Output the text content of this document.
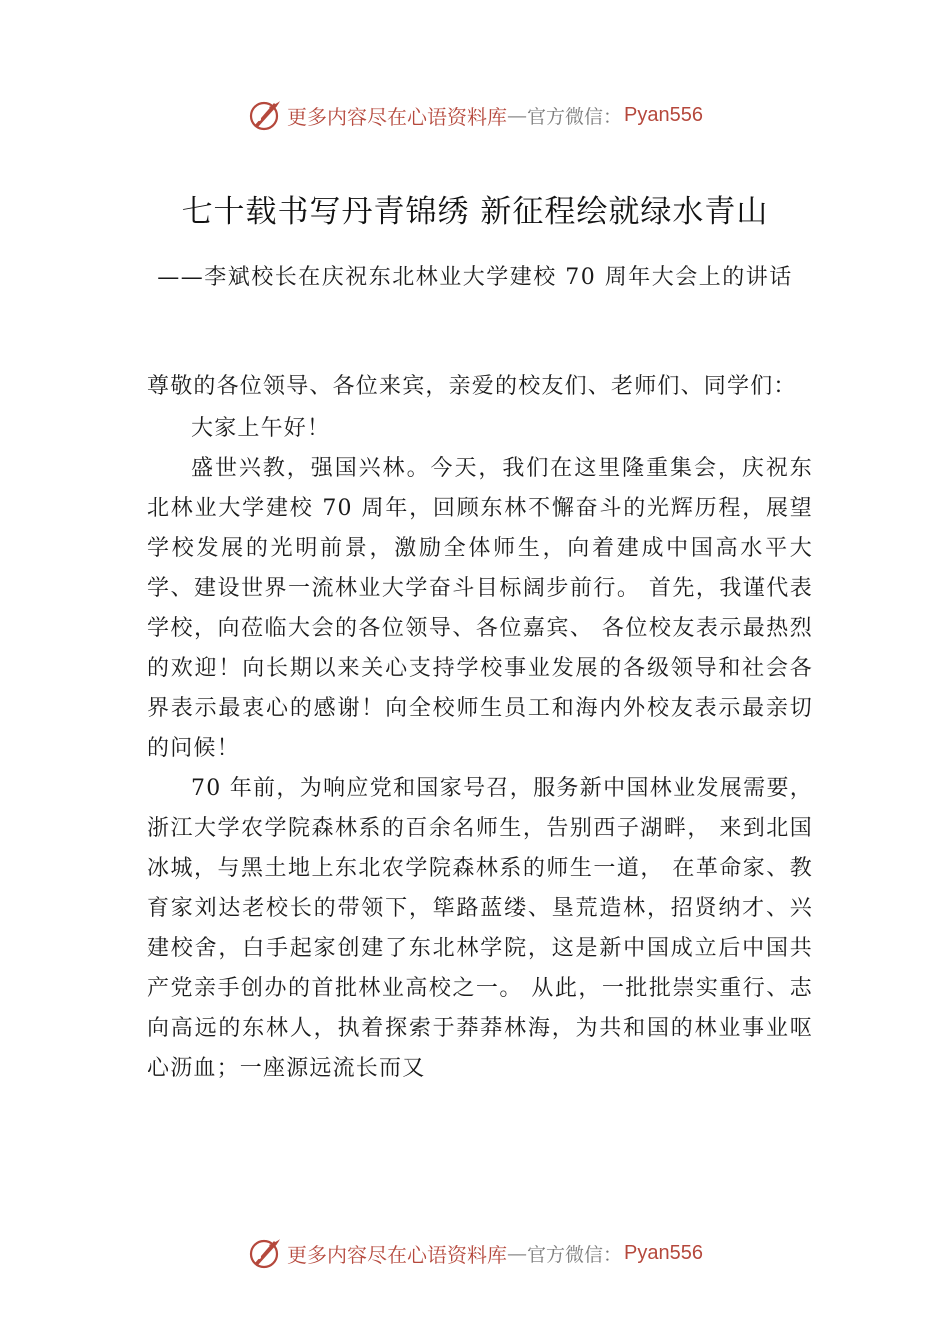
更多内容尽在心语资料库 — 官方微信： Pyan556
七十载书写丹青锦绣 新征程绘就绿水青山
——李斌校长在庆祝东北林业大学建校 70 周年大会上的讲话

尊敬的各位领导、各位来宾，亲爱的校友们、老师们、同学们：

大家上午好！

盛世兴教，强国兴林。今天，我们在这里隆重集会，庆祝东北林业大学建校 70 周年，回顾东林不懈奋斗的光辉历程，展望学校发展的光明前景，激励全体师生，向着建成中国高水平大学、建设世界一流林业大学奋斗目标阔步前行。 首先，我谨代表学校，向莅临大会的各位领导、各位嘉宾、 各位校友表示最热烈的欢迎！向长期以来关心支持学校事业发展的各级领导和社会各界表示最衷心的感谢！向全校师生员工和海内外校友表示最亲切的问候！

70 年前，为响应党和国家号召，服务新中国林业发展需要，浙江大学农学院森林系的百余名师生，告别西子湖畔， 来到北国冰城，与黑土地上东北农学院森林系的师生一道， 在革命家、教育家刘达老校长的带领下，筚路蓝缕、垦荒造林，招贤纳才、兴建校舍，白手起家创建了东北林学院，这是新中国成立后中国共产党亲手创办的首批林业高校之一。 从此，一批批崇实重行、志向高远的东林人，执着探索于莽莽林海，为共和国的林业事业呕心沥血；一座源远流长而又

更多内容尽在心语资料库 — 官方微信： Pyan556
